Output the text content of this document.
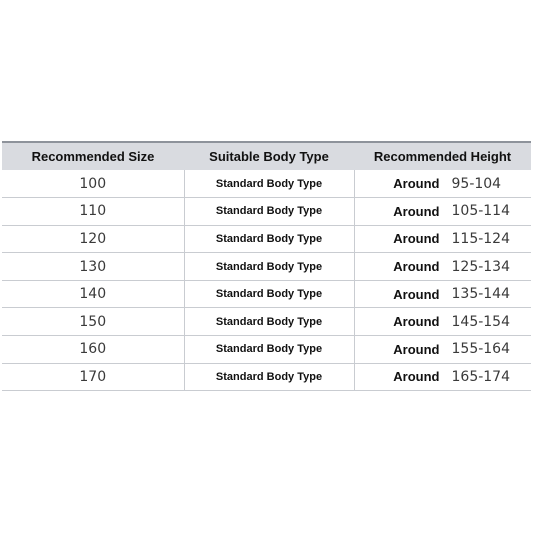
Recommended Size	Suitable Body Type	Recommended Height
100	Standard Body Type	Around 95-104
110	Standard Body Type	Around 105-114
120	Standard Body Type	Around 115-124
130	Standard Body Type	Around 125-134
140	Standard Body Type	Around 135-144
150	Standard Body Type	Around 145-154
160	Standard Body Type	Around 155-164
170	Standard Body Type	Around 165-174
